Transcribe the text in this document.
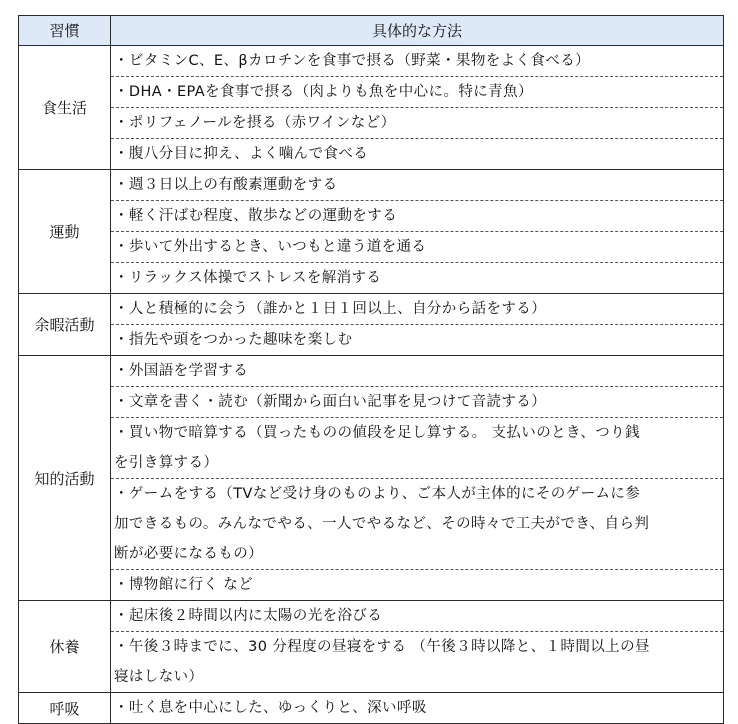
習慣	具体的な方法
食生活
・ビタミンC、E、βカロチンを食事で摂る（野菜・果物をよく食べる）
・DHA・EPAを食事で摂る（肉よりも魚を中心に。特に青魚）
・ポリフェノールを摂る（赤ワインなど）
・腹八分目に抑え、よく噛んで食べる
運動
・週３日以上の有酸素運動をする
・軽く汗ばむ程度、散歩などの運動をする
・歩いて外出するとき、いつもと違う道を通る
・リラックス体操でストレスを解消する
余暇活動
・人と積極的に会う（誰かと１日１回以上、自分から話をする）
・指先や頭をつかった趣味を楽しむ
知的活動
・外国語を学習する
・文章を書く・読む（新聞から面白い記事を見つけて音読する）
・買い物で暗算する（買ったものの値段を足し算する。 支払いのとき、つり銭
を引き算する）
・ゲームをする（TVなど受け身のものより、ご本人が主体的にそのゲームに参
加できるもの。みんなでやる、一人でやるなど、その時々で工夫ができ、自ら判
断が必要になるもの）
・博物館に行く など
休養
・起床後２時間以内に太陽の光を浴びる
・午後３時までに、30 分程度の昼寝をする （午後３時以降と、１時間以上の昼
寝はしない）
呼吸	・吐く息を中心にした、ゆっくりと、深い呼吸
